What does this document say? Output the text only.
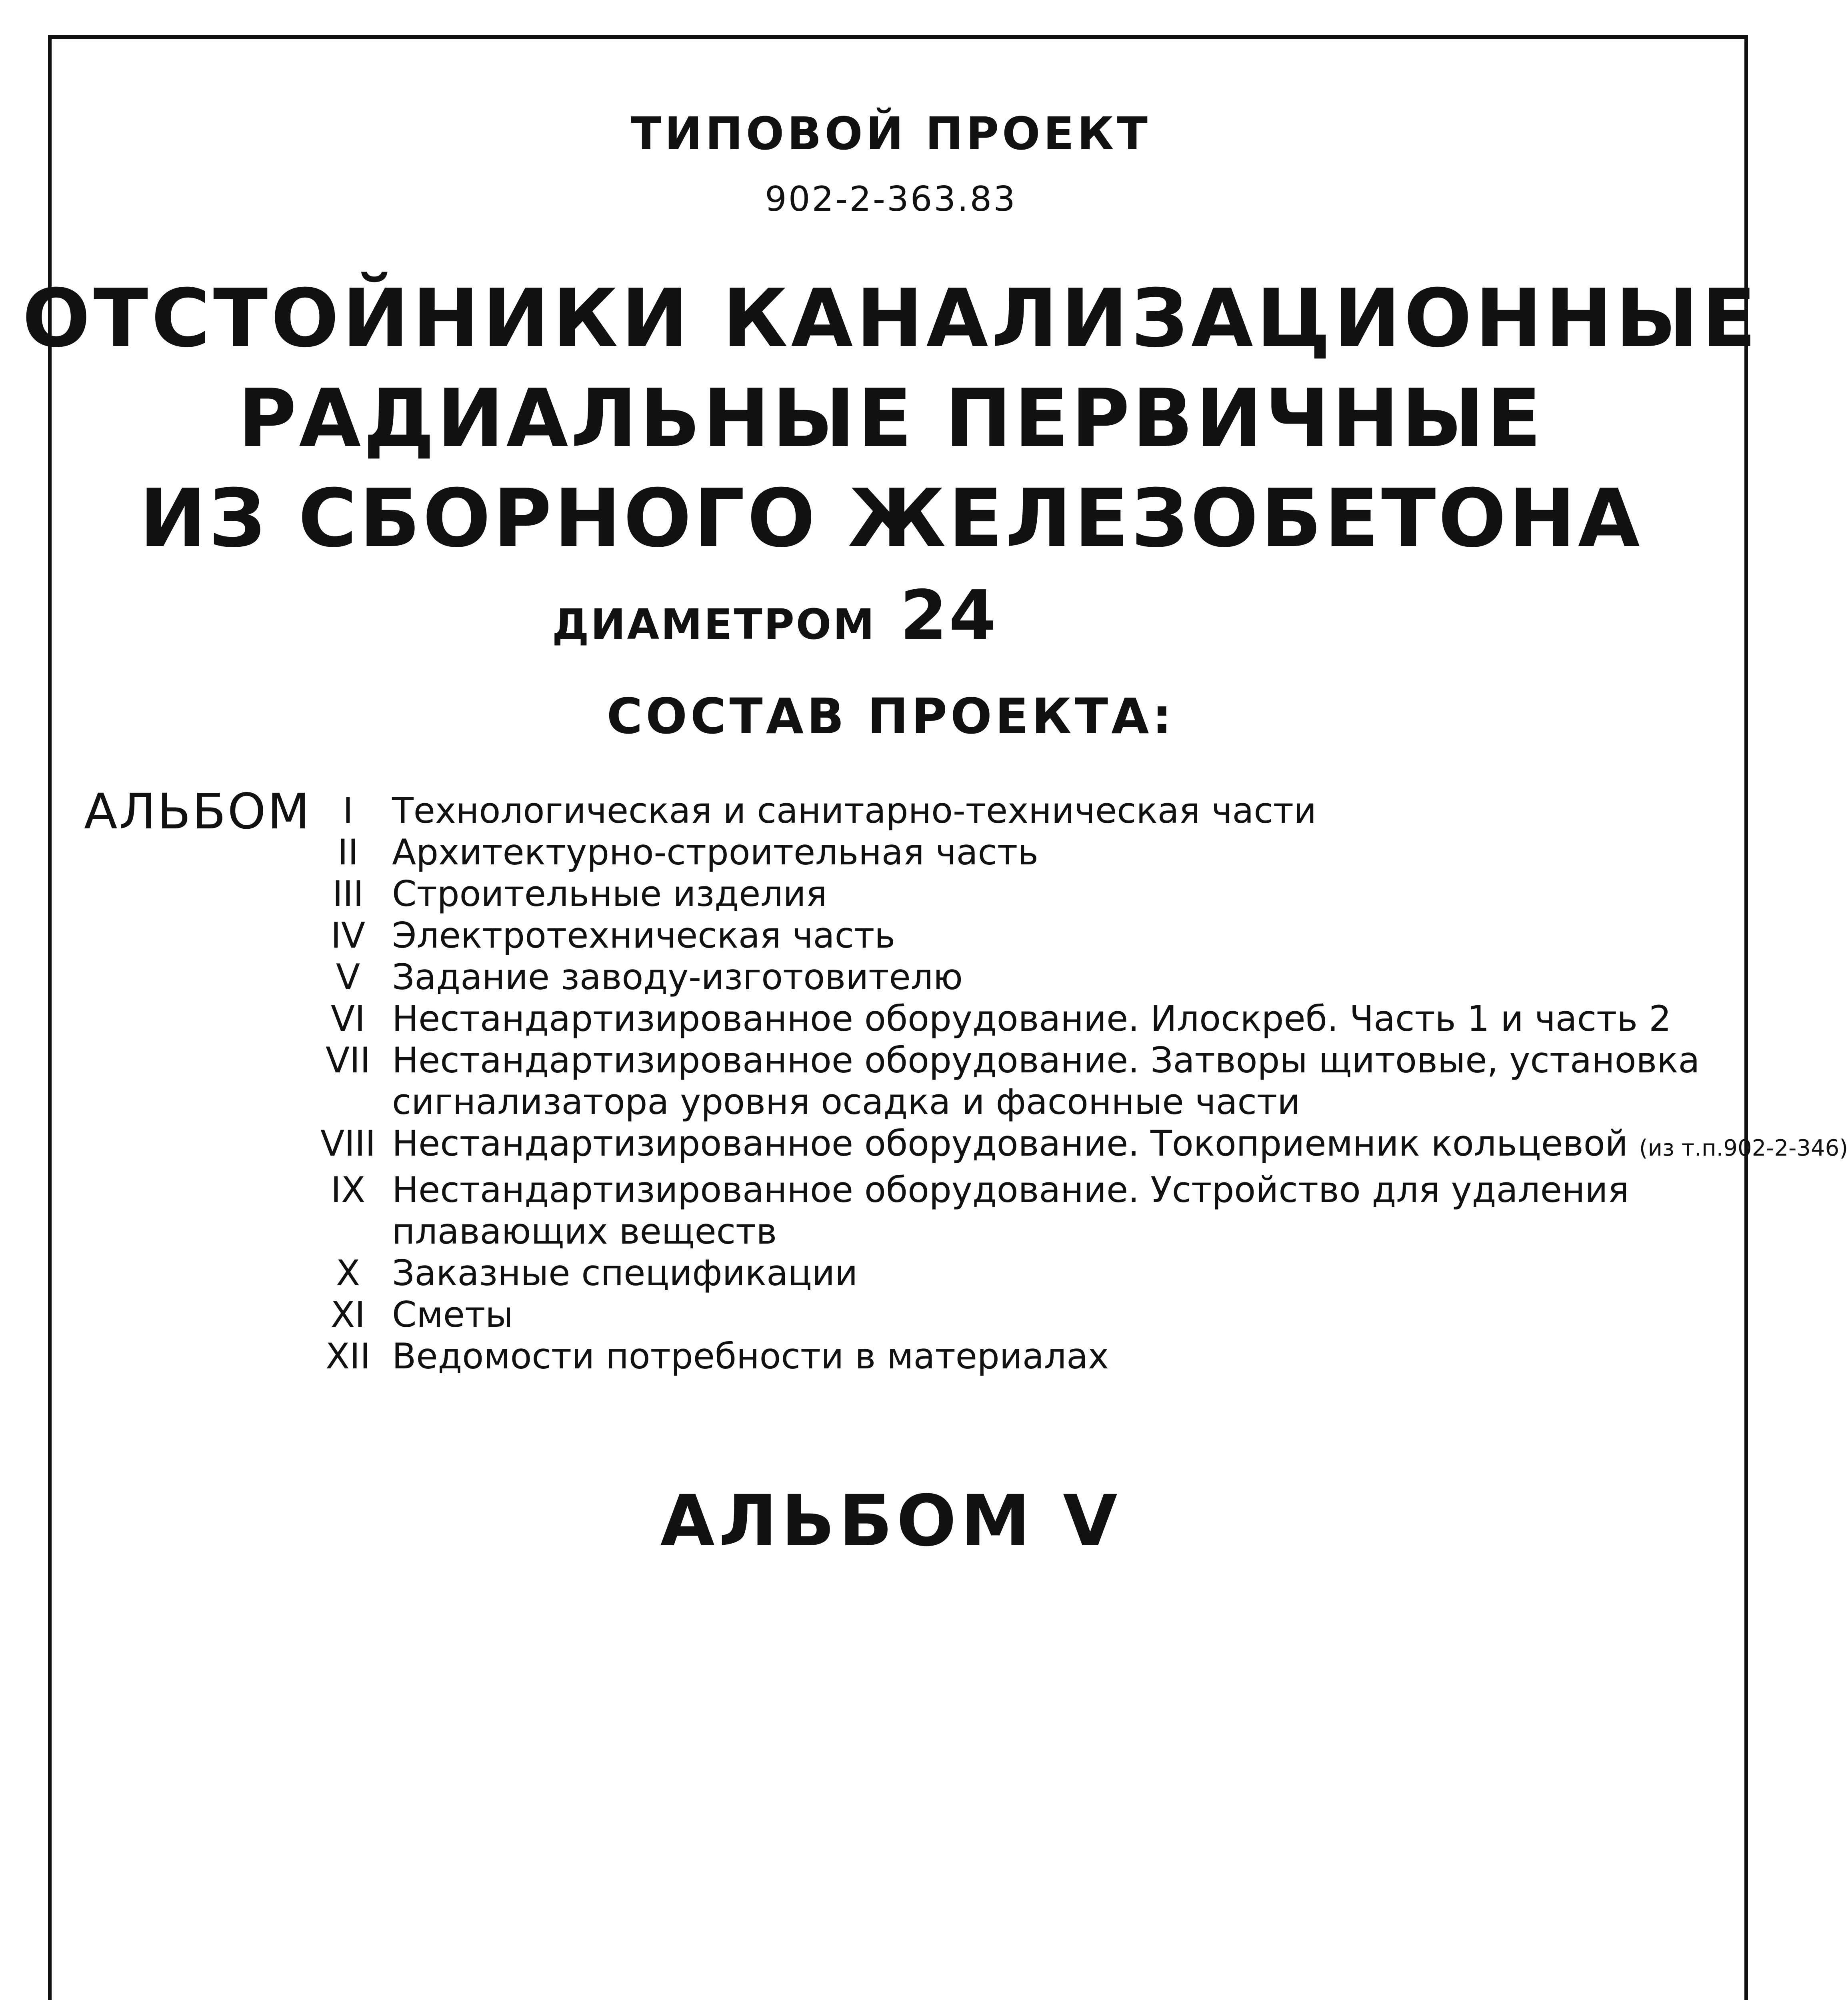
ТИПОВОЙ ПРОЕКТ
902-2-363.83
ОТСТОЙНИКИ КАНАЛИЗАЦИОННЫЕ
РАДИАЛЬНЫЕ ПЕРВИЧНЫЕ
ИЗ СБОРНОГО ЖЕЛЕЗОБЕТОНА
ДИАМЕТРОМ 24
СОСТАВ ПРОЕКТА:
АЛЬБОМ I	Технологическая и санитарно-техническая части
II Архитектурно-строительная часть
III Строительные изделия
IV Электротехническая часть
V Задание заводу-изготовителю
VI Нестандартизированное оборудование. Илоскреб. Часть 1 и часть 2
VII Нестандартизированное оборудование. Затворы щитовые, установка
сигнализатора уровня осадка и фасонные части
VIII Нестандартизированное оборудование. Токоприемник кольцевой (из т.п.902-2-346)
IX Нестандартизированное оборудование. Устройство для удаления
плавающих веществ
X Заказные спецификации
XI Сметы
XII Ведомости потребности в материалах
АЛЬБОМ V
